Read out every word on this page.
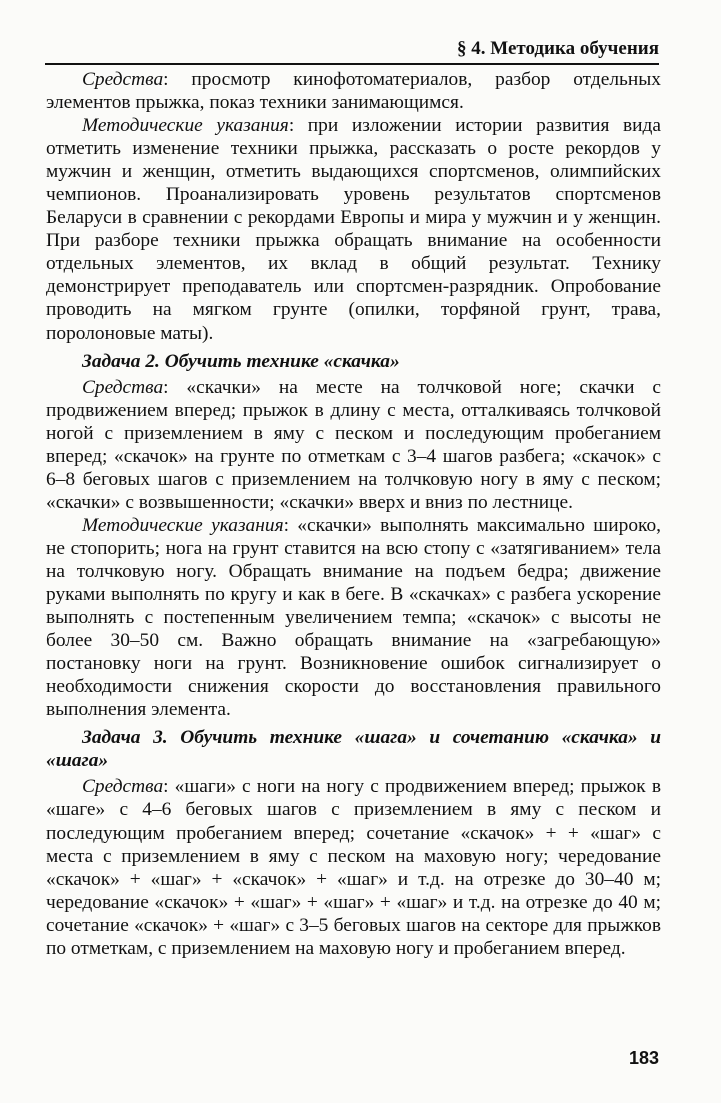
§ 4. Методика обучения

Средства: просмотр кинофотоматериалов, разбор отдельных элементов прыжка, показ техники занимающимся.

Методические указания: при изложении истории развития вида отметить изменение техники прыжка, рассказать о росте рекордов у мужчин и женщин, отметить выдающихся спортсменов, олимпийских чемпионов. Проанализировать уровень результатов спортсменов Беларуси в сравнении с рекордами Европы и мира у мужчин и у женщин. При разборе техники прыжка обращать внимание на особенности отдельных элементов, их вклад в общий результат. Технику демонстрирует преподаватель или спортсмен-разрядник. Опробование проводить на мягком грунте (опилки, торфяной грунт, трава, поролоновые маты).

Задача 2. Обучить технике «скачка»

Средства: «скачки» на месте на толчковой ноге; скачки с продвижением вперед; прыжок в длину с места, отталкиваясь толчковой ногой с приземлением в яму с песком и последующим пробеганием вперед; «скачок» на грунте по отметкам с 3–4 шагов разбега; «скачок» с 6–8 беговых шагов с приземлением на толчковую ногу в яму с песком; «скачки» с возвышенности; «скачки» вверх и вниз по лестнице.

Методические указания: «скачки» выполнять максимально широко, не стопорить; нога на грунт ставится на всю стопу с «затягиванием» тела на толчковую ногу. Обращать внимание на подъем бедра; движение руками выполнять по кругу и как в беге. В «скачках» с разбега ускорение выполнять с постепенным увеличением темпа; «скачок» с высоты не более 30–50 см. Важно обращать внимание на «загребающую» постановку ноги на грунт. Возникновение ошибок сигнализирует о необходимости снижения скорости до восстановления правильного выполнения элемента.

Задача 3. Обучить технике «шага» и сочетанию «скачка» и «шага»

Средства: «шаги» с ноги на ногу с продвижением вперед; прыжок в «шаге» с 4–6 беговых шагов с приземлением в яму с песком и последующим пробеганием вперед; сочетание «скачок» + + «шаг» с места с приземлением в яму с песком на маховую ногу; чередование «скачок» + «шаг» + «скачок» + «шаг» и т.д. на отрезке до 30–40 м; чередование «скачок» + «шаг» + «шаг» + «шаг» и т.д. на отрезке до 40 м; сочетание «скачок» + «шаг» с 3–5 беговых шагов на секторе для прыжков по отметкам, с приземлением на маховую ногу и пробеганием вперед.

183
